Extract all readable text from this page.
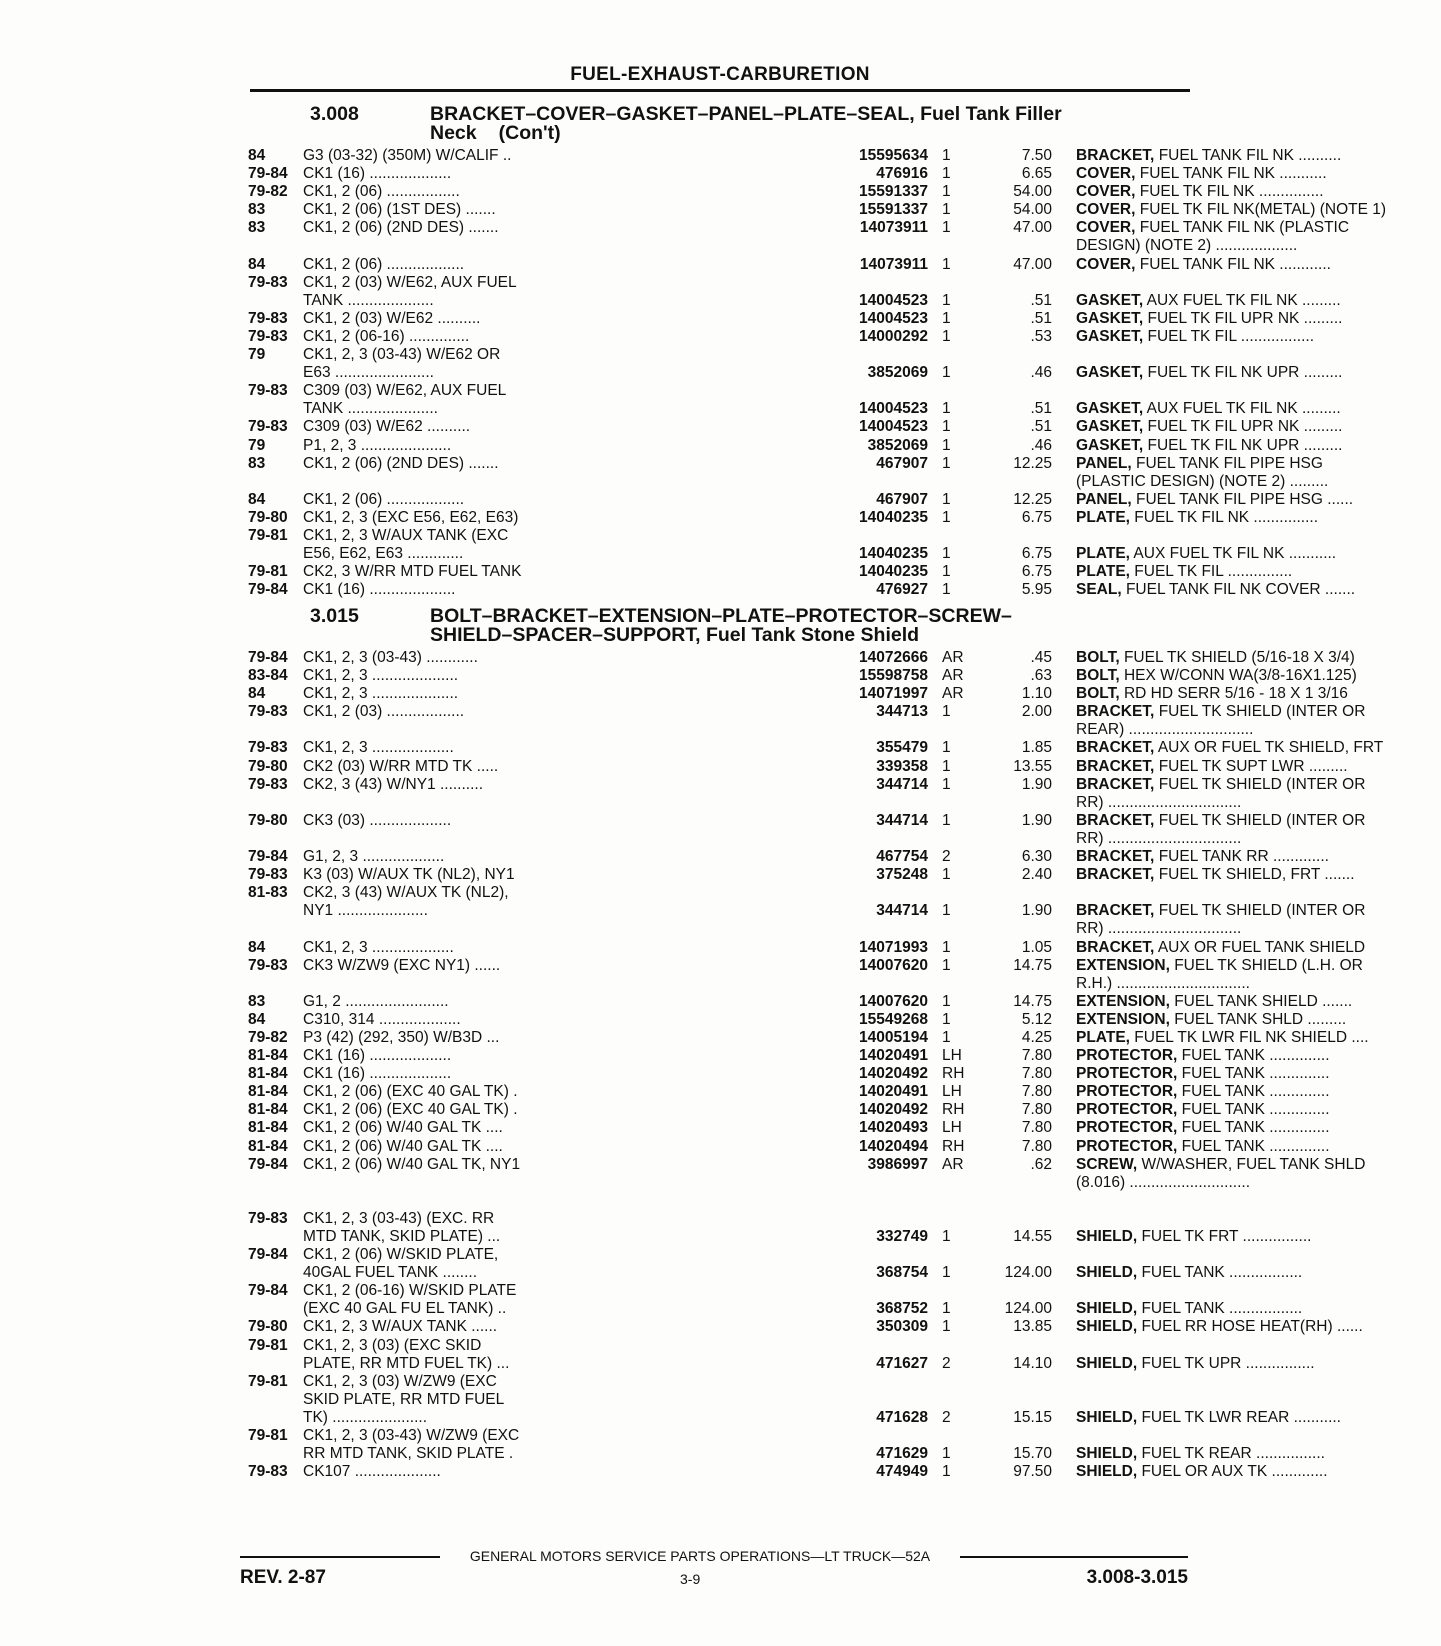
FUEL-EXHAUST-CARBURETION
3.008	BRACKET–COVER–GASKET–PANEL–PLATE–SEAL, Fuel Tank Filler
Neck (Con't)
84	G3 (03-32) (350M) W/CALIF ..	15595634 1	7.50 BRACKET, FUEL TANK FIL NK ..........
79-84 CK1 (16) ...................	476916 1	6.65 COVER, FUEL TANK FIL NK ...........
79-82 CK1, 2 (06) .................	15591337 1	54.00 COVER, FUEL TK FIL NK ...............
83	CK1, 2 (06) (1ST DES) .......	15591337 1	54.00 COVER, FUEL TK FIL NK(METAL) (NOTE 1)
83	CK1, 2 (06) (2ND DES) .......	14073911 1	47.00 COVER, FUEL TANK FIL NK (PLASTIC
DESIGN) (NOTE 2) ...................
84	CK1, 2 (06) ..................	14073911 1	47.00 COVER, FUEL TANK FIL NK ............
79-83 CK1, 2 (03) W/E62, AUX FUEL
TANK ....................	14004523 1	.51 GASKET, AUX FUEL TK FIL NK .........
79-83 CK1, 2 (03) W/E62 ..........	14004523 1	.51 GASKET, FUEL TK FIL UPR NK .........
79-83 CK1, 2 (06-16) ..............	14000292 1	.53 GASKET, FUEL TK FIL .................
79	CK1, 2, 3 (03-43) W/E62 OR
E63 .......................	3852069 1	.46 GASKET, FUEL TK FIL NK UPR .........
79-83 C309 (03) W/E62, AUX FUEL
TANK .....................	14004523 1	.51 GASKET, AUX FUEL TK FIL NK .........
79-83 C309 (03) W/E62 ..........	14004523 1	.51 GASKET, FUEL TK FIL UPR NK .........
79	P1, 2, 3 .....................	3852069 1	.46 GASKET, FUEL TK FIL NK UPR .........
83	CK1, 2 (06) (2ND DES) .......	467907 1	12.25 PANEL, FUEL TANK FIL PIPE HSG
(PLASTIC DESIGN) (NOTE 2) .........
84	CK1, 2 (06) ..................	467907 1	12.25 PANEL, FUEL TANK FIL PIPE HSG ......
79-80 CK1, 2, 3 (EXC E56, E62, E63)	14040235 1	6.75 PLATE, FUEL TK FIL NK ...............
79-81 CK1, 2, 3 W/AUX TANK (EXC
E56, E62, E63 .............	14040235 1	6.75 PLATE, AUX FUEL TK FIL NK ...........
79-81 CK2, 3 W/RR MTD FUEL TANK	14040235 1	6.75 PLATE, FUEL TK FIL ...............
79-84 CK1 (16) ....................	476927 1	5.95 SEAL, FUEL TANK FIL NK COVER .......
3.015	BOLT–BRACKET–EXTENSION–PLATE–PROTECTOR–SCREW–
SHIELD–SPACER–SUPPORT, Fuel Tank Stone Shield
79-84 CK1, 2, 3 (03-43) ............	14072666 AR	.45 BOLT, FUEL TK SHIELD (5/16-18 X 3/4)
83-84 CK1, 2, 3 ....................	15598758 AR	.63 BOLT, HEX W/CONN WA(3/8-16X1.125)
84	CK1, 2, 3 ....................	14071997 AR	1.10 BOLT, RD HD SERR 5/16 - 18 X 1 3/16
79-83 CK1, 2 (03) ..................	344713 1	2.00 BRACKET, FUEL TK SHIELD (INTER OR
REAR) .............................
79-83 CK1, 2, 3 ...................	355479 1	1.85 BRACKET, AUX OR FUEL TK SHIELD, FRT
79-80 CK2 (03) W/RR MTD TK .....	339358 1	13.55 BRACKET, FUEL TK SUPT LWR .........
79-83 CK2, 3 (43) W/NY1 ..........	344714 1	1.90 BRACKET, FUEL TK SHIELD (INTER OR
RR) ...............................
79-80 CK3 (03) ...................	344714 1	1.90 BRACKET, FUEL TK SHIELD (INTER OR
RR) ...............................
79-84 G1, 2, 3 ...................	467754 2	6.30 BRACKET, FUEL TANK RR .............
79-83 K3 (03) W/AUX TK (NL2), NY1	375248 1	2.40 BRACKET, FUEL TK SHIELD, FRT .......
81-83 CK2, 3 (43) W/AUX TK (NL2),
NY1 .....................	344714 1	1.90 BRACKET, FUEL TK SHIELD (INTER OR
RR) ...............................
84	CK1, 2, 3 ...................	14071993 1	1.05 BRACKET, AUX OR FUEL TANK SHIELD
79-83 CK3 W/ZW9 (EXC NY1) ......	14007620 1	14.75 EXTENSION, FUEL TK SHIELD (L.H. OR
R.H.) ...............................
83	G1, 2 ........................	14007620 1	14.75 EXTENSION, FUEL TANK SHIELD .......
84	C310, 314 ...................	15549268 1	5.12 EXTENSION, FUEL TANK SHLD .........
79-82 P3 (42) (292, 350) W/B3D ...	14005194 1	4.25 PLATE, FUEL TK LWR FIL NK SHIELD ....
81-84 CK1 (16) ...................	14020491 LH	7.80 PROTECTOR, FUEL TANK ..............
81-84 CK1 (16) ...................	14020492 RH	7.80 PROTECTOR, FUEL TANK ..............
81-84 CK1, 2 (06) (EXC 40 GAL TK) .	14020491 LH	7.80 PROTECTOR, FUEL TANK ..............
81-84 CK1, 2 (06) (EXC 40 GAL TK) .	14020492 RH	7.80 PROTECTOR, FUEL TANK ..............
81-84 CK1, 2 (06) W/40 GAL TK ....	14020493 LH	7.80 PROTECTOR, FUEL TANK ..............
81-84 CK1, 2 (06) W/40 GAL TK ....	14020494 RH	7.80 PROTECTOR, FUEL TANK ..............
79-84 CK1, 2 (06) W/40 GAL TK, NY1	3986997 AR	.62 SCREW, W/WASHER, FUEL TANK SHLD
(8.016) ............................
79-83 CK1, 2, 3 (03-43) (EXC. RR
MTD TANK, SKID PLATE) ...	332749 1	14.55 SHIELD, FUEL TK FRT ................
79-84 CK1, 2 (06) W/SKID PLATE,
40GAL FUEL TANK ........	368754 1	124.00 SHIELD, FUEL TANK .................
79-84 CK1, 2 (06-16) W/SKID PLATE
(EXC 40 GAL FU EL TANK) ..	368752 1	124.00 SHIELD, FUEL TANK .................
79-80 CK1, 2, 3 W/AUX TANK ......	350309 1	13.85 SHIELD, FUEL RR HOSE HEAT(RH) ......
79-81 CK1, 2, 3 (03) (EXC SKID
PLATE, RR MTD FUEL TK) ...	471627 2	14.10 SHIELD, FUEL TK UPR ................
79-81 CK1, 2, 3 (03) W/ZW9 (EXC
SKID PLATE, RR MTD FUEL
TK) ......................	471628 2	15.15 SHIELD, FUEL TK LWR REAR ...........
79-81 CK1, 2, 3 (03-43) W/ZW9 (EXC
RR MTD TANK, SKID PLATE .	471629 1	15.70 SHIELD, FUEL TK REAR ................
79-83 CK107 ....................	474949 1	97.50 SHIELD, FUEL OR AUX TK .............
GENERAL MOTORS SERVICE PARTS OPERATIONS—LT TRUCK—52A
REV. 2-87	3-9	3.008-3.015
